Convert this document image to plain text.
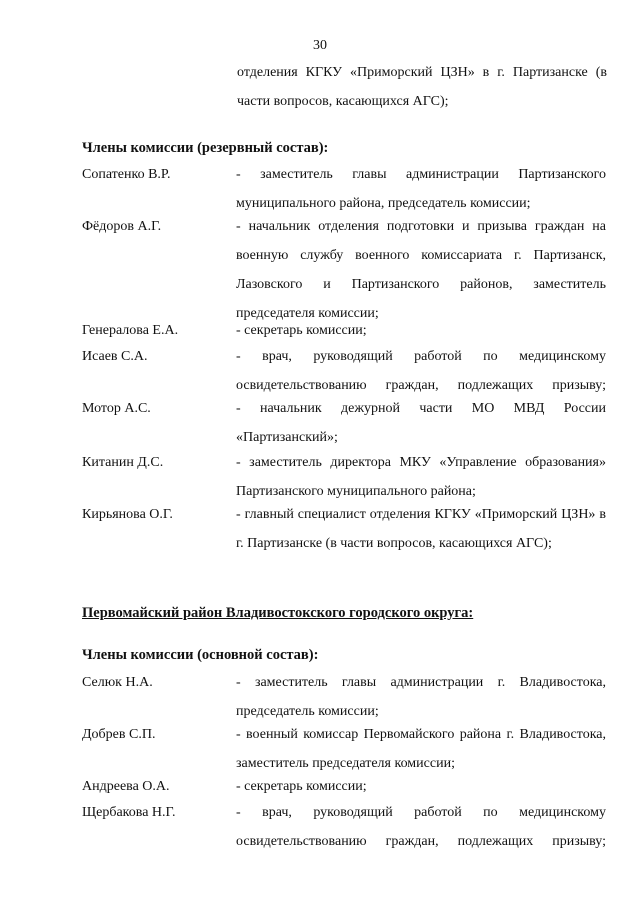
30
отделения КГКУ «Приморский ЦЗН» в г. Партизанске (в части вопросов, касающихся АГС);
Члены комиссии (резервный состав):
Сопатенко В.Р.	- заместитель главы администрации Партизанского муниципального района, председатель комиссии;
Фёдоров А.Г.	- начальник отделения подготовки и призыва граждан на военную службу военного комиссариата г. Партизанск, Лазовского и Партизанского районов, заместитель председателя комиссии;
Генералова Е.А.	- секретарь комиссии;
Исаев С.А.	- врач, руководящий работой по медицинскому освидетельствованию граждан, подлежащих призыву;
Мотор А.С.	- начальник дежурной части МО МВД России «Партизанский»;
Китанин Д.С.	- заместитель директора МКУ «Управление образования» Партизанского муниципального района;
Кирьянова О.Г.	- главный специалист отделения КГКУ «Приморский ЦЗН» в г. Партизанске (в части вопросов, касающихся АГС);
Первомайский район Владивостокского городского округа:
Члены комиссии (основной состав):
Селюк Н.А.	- заместитель главы администрации г. Владивостока, председатель комиссии;
Добрев С.П.	- военный комиссар Первомайского района г. Владивостока, заместитель председателя комиссии;
Андреева О.А.	- секретарь комиссии;
Щербакова Н.Г.	- врач, руководящий работой по медицинскому освидетельствованию граждан, подлежащих призыву;
